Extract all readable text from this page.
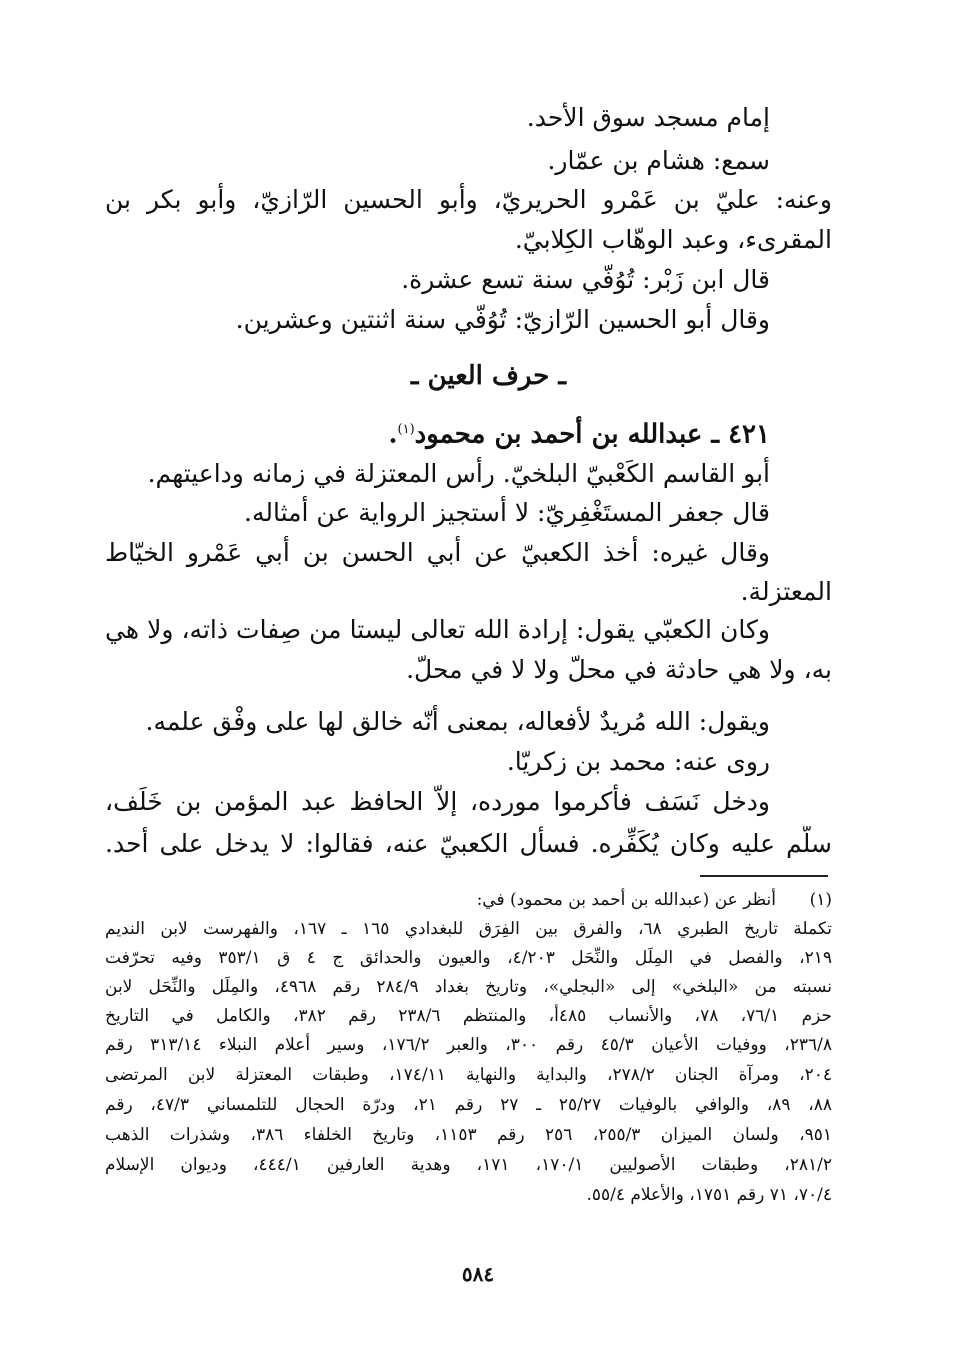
إمام مسجد سوق الأحد.
سمع: هشام بن عمّار.
وعنه: عليّ بن عَمْرو الحريريّ، وأبو الحسين الرّازيّ، وأبو بكر بن
المقرىء، وعبد الوهّاب الكِلابيّ.
قال ابن زَبْر: تُوُفّي سنة تسع عشرة.
وقال أبو الحسين الرّازيّ: تُوُفّي سنة اثنتين وعشرين.
ـ حرف العين ـ
٤٢١ ـ عبدالله بن أحمد بن محمود$^{(١)}$.
أبو القاسم الكَعْبيّ البلخيّ. رأس المعتزلة في زمانه وداعيتهم.
قال جعفر المستَغْفِريّ: لا أستجيز الرواية عن أمثاله.
وقال غيره: أخذ الكعبيّ عن أبي الحسن بن أبي عَمْرو الخيّاط
المعتزلة.
وكان الكعبّي يقول: إرادة الله تعالى ليستا من صِفات ذاته، ولا هي
به، ولا هي حادثة في محلّ ولا لا في محلّ.
ويقول: الله مُريدٌ لأفعاله، بمعنى أنّه خالق لها على وفْق علمه.
روى عنه: محمد بن زكريّا.
ودخل نَسَف فأكرموا مورده، إلاّ الحافظ عبد المؤمن بن خَلَف،
سلّم عليه وكان يُكَفِّره. فسأل الكعبيّ عنه، فقالوا: لا يدخل على أحد.
(١)
أنظر عن (عبدالله بن أحمد بن محمود) في:
تكملة تاريخ الطبري ٦٨، والفرق بين الفِرَق للبغدادي ١٦٥ ـ ١٦٧، والفهرست لابن النديم
٢١٩، والفصل في المِلَل والنِّحَل ٤/٢٠٣، والعيون والحدائق ج ٤ ق ٣٥٣/١ وفيه تحرّفت
نسبته من «البلخي» إلى «البجلي»، وتاريخ بغداد ٢٨٤/٩ رقم ٤٩٦٨، والمِلَل والنِّحَل لابن
حزم ٧٦/١، ٧٨، والأنساب ٤٨٥أ، والمنتظم ٢٣٨/٦ رقم ٣٨٢، والكامل في التاريخ
٢٣٦/٨، ووفيات الأعيان ٤٥/٣ رقم ٣٠٠، والعبر ١٧٦/٢، وسير أعلام النبلاء ٣١٣/١٤ رقم
٢٠٤، ومرآة الجنان ٢٧٨/٢، والبداية والنهاية ١٧٤/١١، وطبقات المعتزلة لابن المرتضى
٨٨، ٨٩، والوافي بالوفيات ٢٥/٢٧ ـ ٢٧ رقم ٢١، ودرّة الحجال للتلمساني ٤٧/٣، رقم
٩٥١، ولسان الميزان ٢٥٥/٣، ٢٥٦ رقم ١١٥٣، وتاريخ الخلفاء ٣٨٦، وشذرات الذهب
٢٨١/٢، وطبقات الأصوليين ١٧٠/١، ١٧١، وهدية العارفين ٤٤٤/١، وديوان الإسلام
٧٠/٤، ٧١ رقم ١٧٥١، والأعلام ٥٥/٤.
٥٨٤
